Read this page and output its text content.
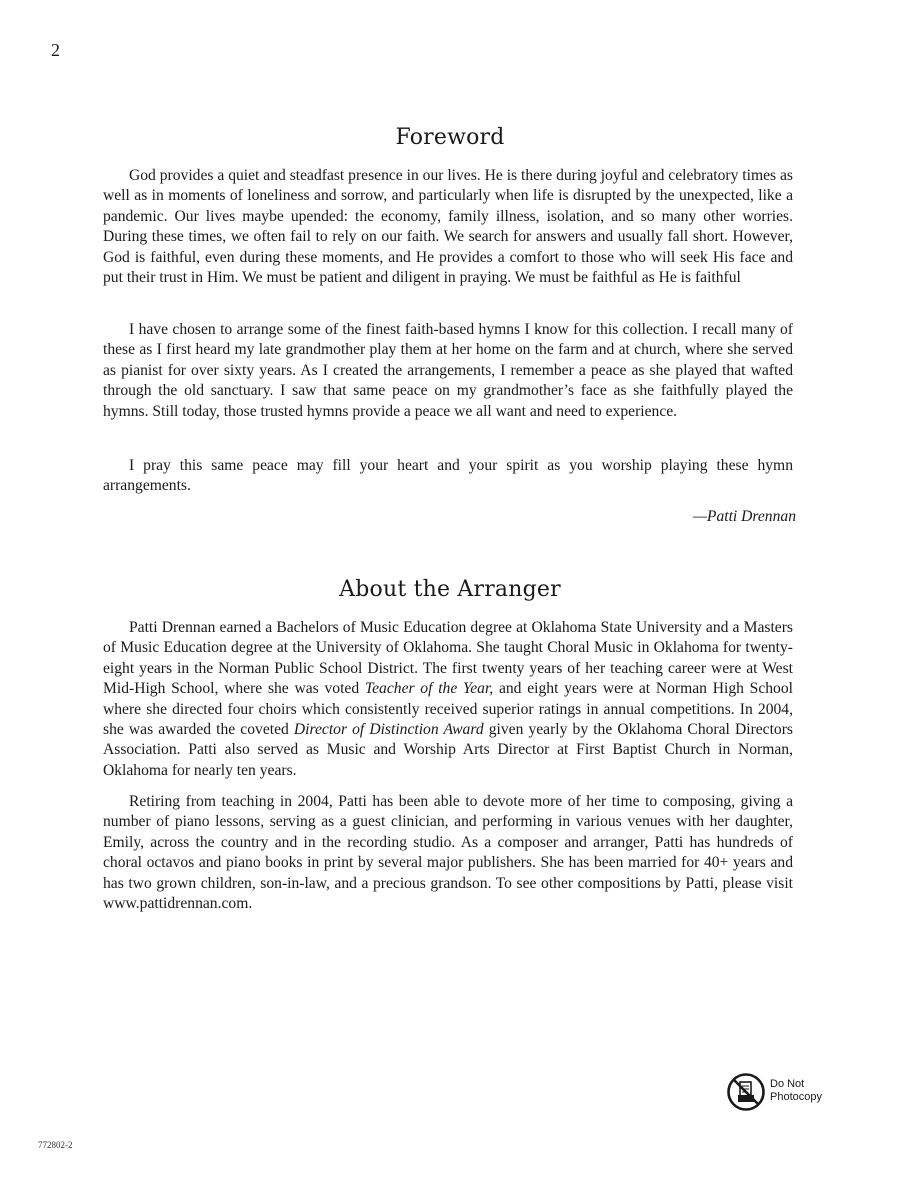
2
Foreword

God provides a quiet and steadfast presence in our lives. He is there during joyful and celebratory times as well as in moments of loneliness and sorrow, and particularly when life is disrupted by the unexpected, like a pandemic. Our lives maybe upended: the economy, family illness, isolation, and so many other worries. During these times, we often fail to rely on our faith. We search for answers and usually fall short. However, God is faithful, even during these moments, and He provides a comfort to those who will seek His face and put their trust in Him. We must be patient and diligent in praying. We must be faithful as He is faithful

I have chosen to arrange some of the finest faith-based hymns I know for this collection. I recall many of these as I first heard my late grandmother play them at her home on the farm and at church, where she served as pianist for over sixty years. As I created the arrangements, I remember a peace as she played that wafted through the old sanctuary. I saw that same peace on my grandmother’s face as she faithfully played the hymns. Still today, those trusted hymns provide a peace we all want and need to experience.

I pray this same peace may fill your heart and your spirit as you worship playing these hymn arrangements.

—Patti Drennan
About the Arranger

Patti Drennan earned a Bachelors of Music Education degree at Oklahoma State University and a Masters of Music Education degree at the University of Oklahoma. She taught Choral Music in Oklahoma for twenty-eight years in the Norman Public School District. The first twenty years of her teaching career were at West Mid-High School, where she was voted Teacher of the Year, and eight years were at Norman High School where she directed four choirs which consistently received superior ratings in annual competitions. In 2004, she was awarded the coveted Director of Distinction Award given yearly by the Oklahoma Choral Directors Association. Patti also served as Music and Worship Arts Director at First Baptist Church in Norman, Oklahoma for nearly ten years.

Retiring from teaching in 2004, Patti has been able to devote more of her time to composing, giving a number of piano lessons, serving as a guest clinician, and performing in various venues with her daughter, Emily, across the country and in the recording studio. As a composer and arranger, Patti has hundreds of choral octavos and piano books in print by several major publishers. She has been married for 40+ years and has two grown children, son-in-law, and a precious grandson. To see other compositions by Patti, please visit www.pattidrennan.com.

Do Not
Photocopy
772802-2
